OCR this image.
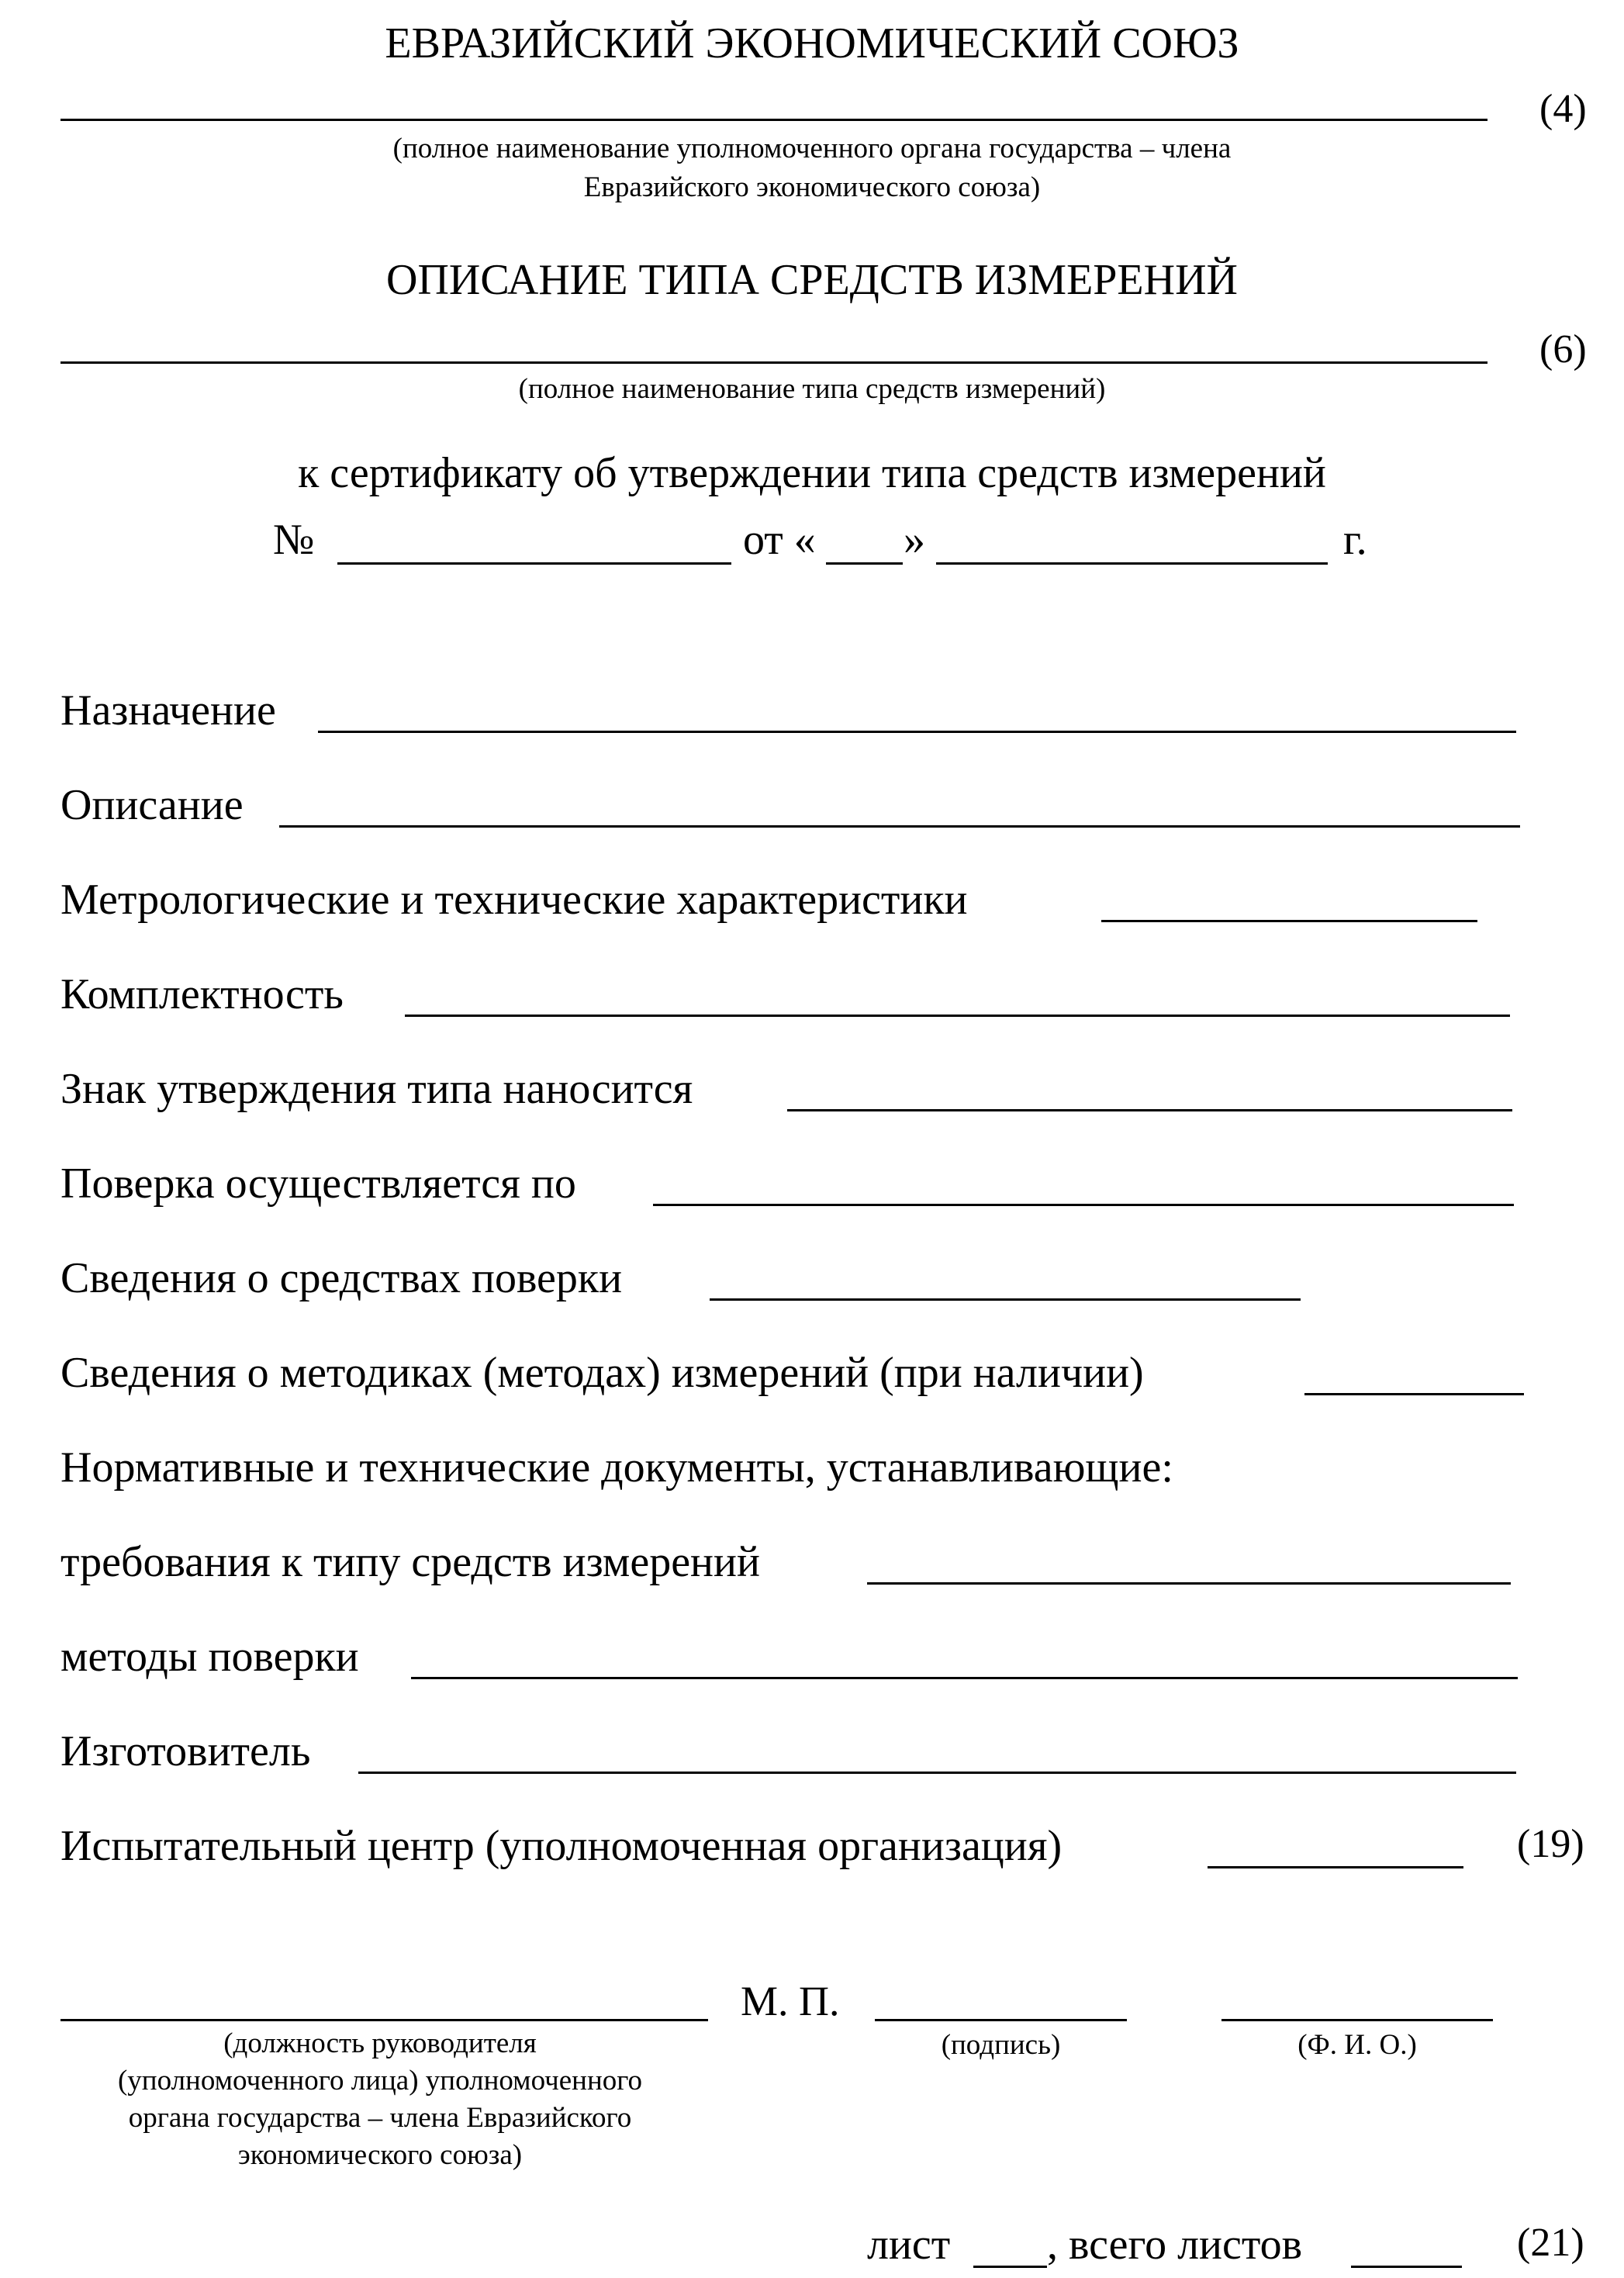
ЕВРАЗИЙСКИЙ ЭКОНОМИЧЕСКИЙ СОЮЗ
(4)
(полное наименование уполномоченного органа государства – члена
Евразийского экономического союза)
ОПИСАНИЕ ТИПА СРЕДСТВ ИЗМЕРЕНИЙ
(6)
(полное наименование типа средств измерений)
к сертификату об утверждении типа средств измерений
№	от « »	г.
Назначение
Описание
Метрологические и технические характеристики
Комплектность
Знак утверждения типа наносится
Поверка осуществляется по
Сведения о средствах поверки
Сведения о методиках (методах) измерений (при наличии)
Нормативные и технические документы, устанавливающие:
требования к типу средств измерений
методы поверки
Изготовитель
Испытательный центр (уполномоченная организация)	(19)
М. П.
(должность руководителя
(уполномоченного лица) уполномоченного
органа государства – члена Евразийского
экономического союза)
(подпись)	(Ф. И. О.)
лист , всего листов	(21)
